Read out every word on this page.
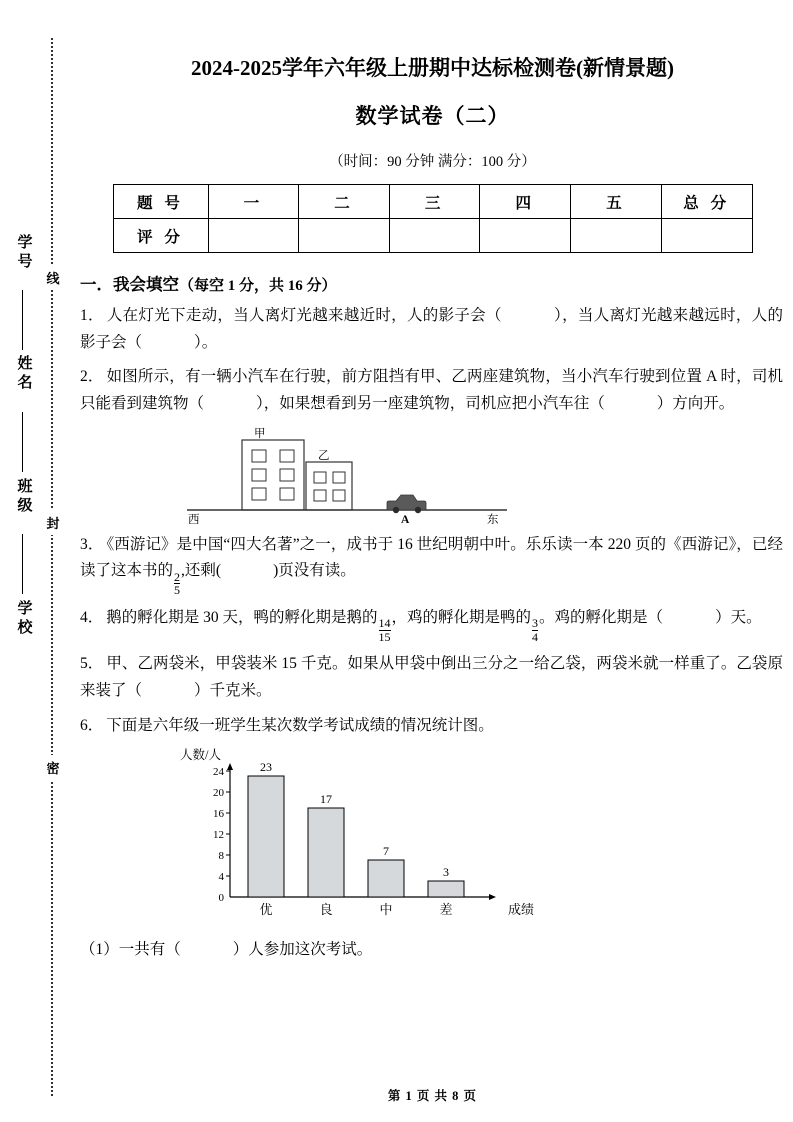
学 号
姓 名
班 级
学 校
线
封
密
2024-2025学年六年级上册期中达标检测卷(新情景题)
数学试卷（二）
（时间：90 分钟 满分：100 分）
题 号	一	二	三	四	五	总 分
评 分						
一．我会填空（每空 1 分，共 16 分）

1． 人在灯光下走动，当人离灯光越来越近时，人的影子会（	），当人离灯光越来越远时，人的影子会（	）。

2． 如图所示，有一辆小汽车在行驶，前方阻挡有甲、乙两座建筑物，当小汽车行驶到位置 A 时，司机只能看到建筑物（	），如果想看到另一座建筑物，司机应把小汽车往（	）方向开。

甲
乙
西	东
A

3． 《西游记》是中国“四大名著”之一，成书于 16 世纪明朝中叶。乐乐读一本 220 页的《西游记》，已经读了这本书的 $\frac{2}{5}$ ,还剩(	)页没有读。

4． 鹅的孵化期是 30 天，鸭的孵化期是鹅的 $\frac{14}{15}$ ，鸡的孵化期是鸭的 $\frac{3}{4}$ 。鸡的孵化期是（	）天。

5． 甲、乙两袋米，甲袋装米 15 千克。如果从甲袋中倒出三分之一给乙袋，两袋米就一样重了。乙袋原来装了（	）千克米。

6． 下面是六年级一班学生某次数学考试成绩的情况统计图。

人数/人
0
4
8
12
16
20
24	23
17
7
3
优	良	中	差	成绩

（1）一共有（	）人参加这次考试。

第 1 页 共 8 页
